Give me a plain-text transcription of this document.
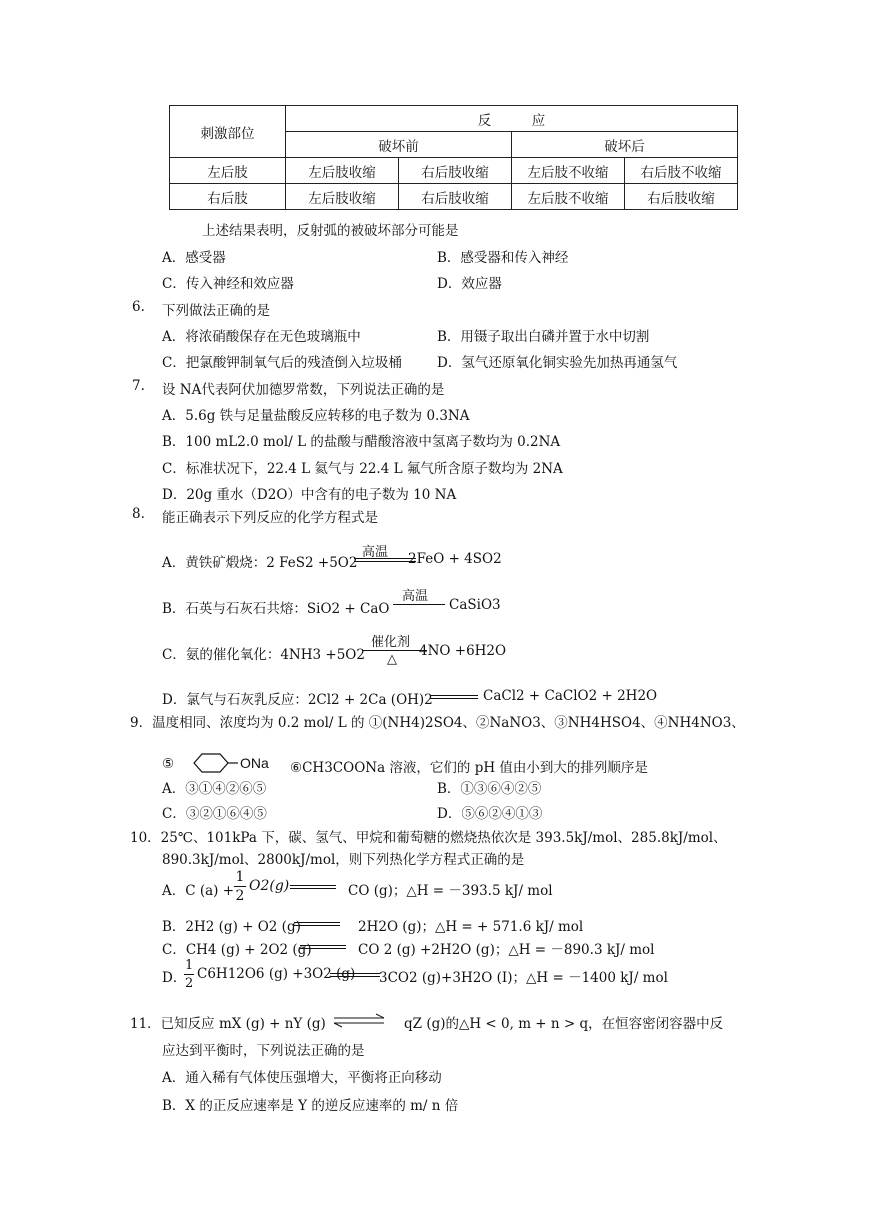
刺激部位	反　　　应			
	破坏前		破坏后	
左后肢	左后肢收缩	右后肢收缩	左后肢不收缩	右后肢不收缩
右后肢	左后肢收缩	右后肢收缩	左后肢不收缩	右后肢收缩
上述结果表明，反射弧的被破坏部分可能是
A．感受器	B．感受器和传入神经
C．传入神经和效应器	D．效应器
6. 下列做法正确的是
A．将浓硝酸保存在无色玻璃瓶中	B．用镊子取出白磷并置于水中切割
C．把氯酸钾制氧气后的残渣倒入垃圾桶	D．氢气还原氧化铜实验先加热再通氢气
7. 设 NA代表阿伏加德罗常数，下列说法正确的是
A．5.6g 铁与足量盐酸反应转移的电子数为 0.3NA
B．100 mL2.0 mol/ L 的盐酸与醋酸溶液中氢离子数均为 0.2NA
C．标准状况下，22.4 L 氦气与 22.4 L 氟气所含原子数均为 2NA
D．20g 重水（D2O）中含有的电子数为 10 NA
8. 能正确表示下列反应的化学方程式是
A．黄铁矿煅烧：2 FeS2 +5O2
高温 2FeO + 4SO2
B．石英与石灰石共熔：SiO2 + CaO
高温
CaSiO3
C．氨的催化氧化：4NH3 +5O2
催化剂
△
4NO +6H2O
D．氯气与石灰乳反应：2Cl2 + 2Ca (OH)2	CaCl2 + CaClO2 + 2H2O
9．温度相同、浓度均为 0.2 mol/ L 的 ①(NH4)2SO4、②NaNO3、③NH4HSO4、④NH4NO3、
⑤	ONa ⑥CH3COONa 溶液，它们的 pH 值由小到大的排列顺序是
A．③①④②⑥⑤	B．①③⑥④②⑤
C．③②①⑥④⑤	D．⑤⑥②④①③
10．25℃、101kPa 下，碳、氢气、甲烷和葡萄糖的燃烧热依次是 393.5kJ/mol、285.8kJ/mol、
890.3kJ/mol、2800kJ/mol，则下列热化学方程式正确的是
A．C (a) +
1
2
O2(g)	CO (g)；△H = －393.5 kJ/ mol
B．2H2 (g) + O2 (g)	2H2O (g)；△H = + 571.6 kJ/ mol
C．CH4 (g) + 2O2 (g)	CO 2 (g) +2H2O (g)；△H = －890.3 kJ/ mol
D．
1
2
C6H12O6 (g) +3O2 (g) 3CO2 (g)+3H2O (I)；△H = －1400 kJ/ mol
11．已知反应 mX (g) + nY (g)	qZ (g)的△H < 0, m + n > q，在恒容密闭容器中反
应达到平衡时，下列说法正确的是
A．通入稀有气体使压强增大，平衡将正向移动
B．X 的正反应速率是 Y 的逆反应速率的 m/ n 倍
